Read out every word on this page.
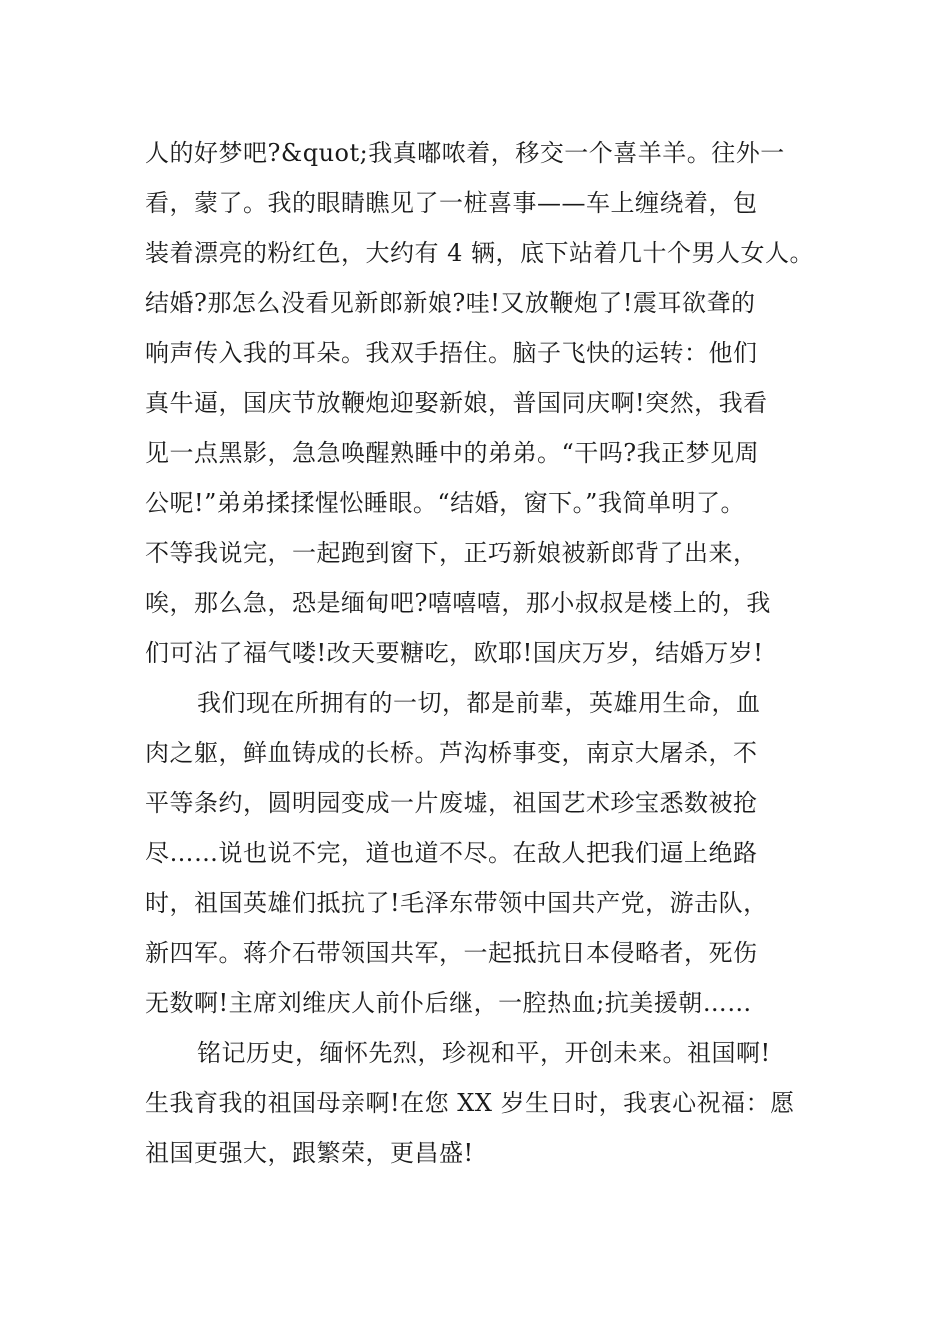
人的好梦吧?&quot;我真嘟哝着，移交一个喜羊羊。往外一
看，蒙了。我的眼睛瞧见了一桩喜事——车上缠绕着，包
装着漂亮的粉红色，大约有 4 辆，底下站着几十个男人女人。
结婚?那怎么没看见新郎新娘?哇!又放鞭炮了!震耳欲聋的
响声传入我的耳朵。我双手捂住。脑子飞快的运转：他们
真牛逼，国庆节放鞭炮迎娶新娘，普国同庆啊!突然，我看
见一点黑影，急急唤醒熟睡中的弟弟。“干吗?我正梦见周
公呢!”弟弟揉揉惺忪睡眼。“结婚，窗下。”我简单明了。
不等我说完，一起跑到窗下，正巧新娘被新郎背了出来，
唉，那么急，恐是缅甸吧?嘻嘻嘻，那小叔叔是楼上的，我
们可沾了福气喽!改天要糖吃，欧耶!国庆万岁，结婚万岁!
我们现在所拥有的一切，都是前辈，英雄用生命，血
肉之躯，鲜血铸成的长桥。芦沟桥事变，南京大屠杀，不
平等条约，圆明园变成一片废墟，祖国艺术珍宝悉数被抢
尽……说也说不完，道也道不尽。在敌人把我们逼上绝路
时，祖国英雄们抵抗了!毛泽东带领中国共产党，游击队，
新四军。蒋介石带领国共军，一起抵抗日本侵略者，死伤
无数啊!主席刘维庆人前仆后继，一腔热血;抗美援朝……
铭记历史，缅怀先烈，珍视和平，开创未来。祖国啊!
生我育我的祖国母亲啊!在您 XX 岁生日时，我衷心祝福：愿
祖国更强大，跟繁荣，更昌盛!
